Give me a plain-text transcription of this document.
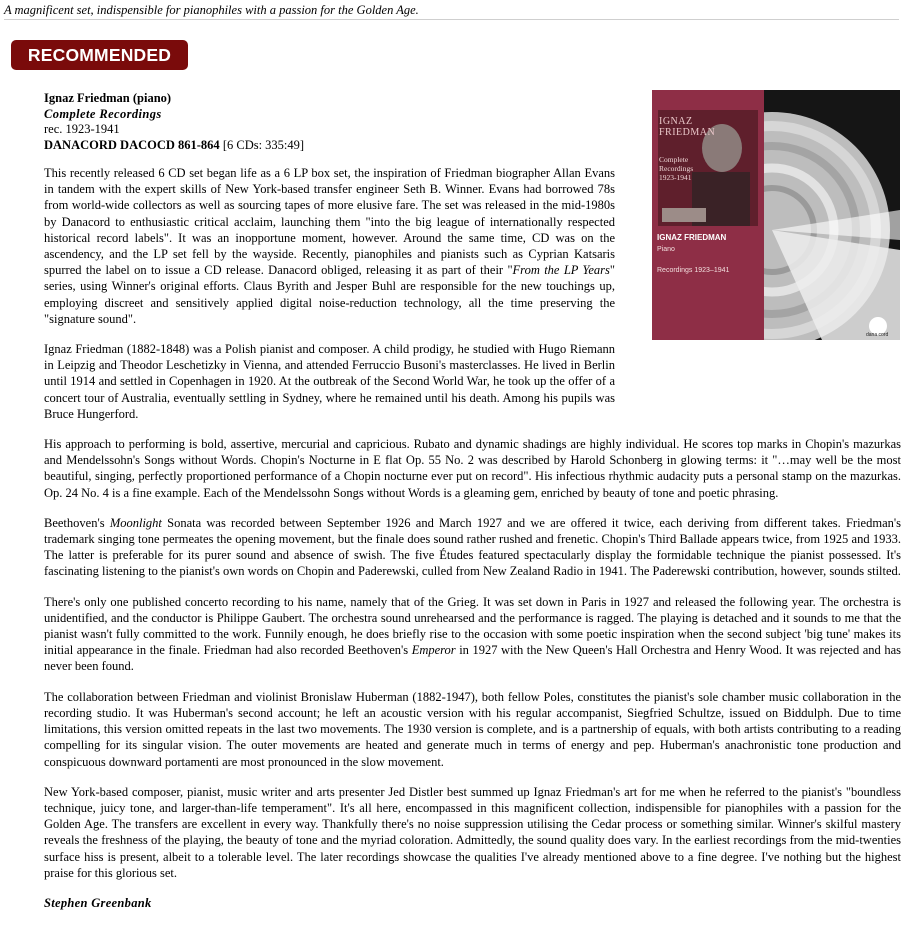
A magnificent set, indispensible for pianophiles with a passion for the Golden Age.
RECOMMENDED
Ignaz Friedman (piano)
Complete Recordings
rec. 1923-1941
DANACORD DACOCD 861-864 [6 CDs: 335:49]
IGNAZ
FRIEDMAN
Complete
Recordings
1923-1941
IGNAZ FRIEDMAN
Piano
Recordings 1923–1941
dana cord

This recently released 6 CD set began life as a 6 LP box set, the inspiration of Friedman biographer Allan Evans in tandem with the expert skills of New York-based transfer engineer Seth B. Winner. Evans had borrowed 78s from world-wide collectors as well as sourcing tapes of more elusive fare. The set was released in the mid-1980s by Danacord to enthusiastic critical acclaim, launching them "into the big league of internationally respected historical record labels". It was an inopportune moment, however. Around the same time, CD was on the ascendency, and the LP set fell by the wayside. Recently, pianophiles and pianists such as Cyprian Katsaris spurred the label on to issue a CD release. Danacord obliged, releasing it as part of their "From the LP Years" series, using Winner's original efforts. Claus Byrith and Jesper Buhl are responsible for the new touchings up, employing discreet and sensitively applied digital noise-reduction technology, all the time preserving the "signature sound".

Ignaz Friedman (1882-1848) was a Polish pianist and composer. A child prodigy, he studied with Hugo Riemann in Leipzig and Theodor Leschetizky in Vienna, and attended Ferruccio Busoni's masterclasses. He lived in Berlin until 1914 and settled in Copenhagen in 1920. At the outbreak of the Second World War, he took up the offer of a concert tour of Australia, eventually settling in Sydney, where he remained until his death. Among his pupils was Bruce Hungerford.

His approach to performing is bold, assertive, mercurial and capricious. Rubato and dynamic shadings are highly individual. He scores top marks in Chopin's mazurkas and Mendelssohn's Songs without Words. Chopin's Nocturne in E flat Op. 55 No. 2 was described by Harold Schonberg in glowing terms: it "…may well be the most beautiful, singing, perfectly proportioned performance of a Chopin nocturne ever put on record". His infectious rhythmic audacity puts a personal stamp on the mazurkas. Op. 24 No. 4 is a fine example. Each of the Mendelssohn Songs without Words is a gleaming gem, enriched by beauty of tone and poetic phrasing.

Beethoven's Moonlight Sonata was recorded between September 1926 and March 1927 and we are offered it twice, each deriving from different takes. Friedman's trademark singing tone permeates the opening movement, but the finale does sound rather rushed and frenetic. Chopin's Third Ballade appears twice, from 1925 and 1933. The latter is preferable for its purer sound and absence of swish. The five Études featured spectacularly display the formidable technique the pianist possessed. It's fascinating listening to the pianist's own words on Chopin and Paderewski, culled from New Zealand Radio in 1941. The Paderewski contribution, however, sounds stilted.

There's only one published concerto recording to his name, namely that of the Grieg. It was set down in Paris in 1927 and released the following year. The orchestra is unidentified, and the conductor is Philippe Gaubert. The orchestra sound unrehearsed and the performance is ragged. The playing is detached and it sounds to me that the pianist wasn't fully committed to the work. Funnily enough, he does briefly rise to the occasion with some poetic inspiration when the second subject 'big tune' makes its initial appearance in the finale. Friedman had also recorded Beethoven's Emperor in 1927 with the New Queen's Hall Orchestra and Henry Wood. It was rejected and has never been found.

The collaboration between Friedman and violinist Bronislaw Huberman (1882-1947), both fellow Poles, constitutes the pianist's sole chamber music collaboration in the recording studio. It was Huberman's second account; he left an acoustic version with his regular accompanist, Siegfried Schultze, issued on Biddulph. Due to time limitations, this version omitted repeats in the last two movements. The 1930 version is complete, and is a partnership of equals, with both artists contributing to a reading compelling for its singular vision. The outer movements are heated and generate much in terms of energy and pep. Huberman's anachronistic tone production and conspicuous downward portamenti are most pronounced in the slow movement.

New York-based composer, pianist, music writer and arts presenter Jed Distler best summed up Ignaz Friedman's art for me when he referred to the pianist's "boundless technique, juicy tone, and larger-than-life temperament". It's all here, encompassed in this magnificent collection, indispensible for pianophiles with a passion for the Golden Age. The transfers are excellent in every way. Thankfully there's no noise suppression utilising the Cedar process or something similar. Winner's skilful mastery reveals the freshness of the playing, the beauty of tone and the myriad coloration. Admittedly, the sound quality does vary. In the earliest recordings from the mid-twenties surface hiss is present, albeit to a tolerable level. The later recordings showcase the qualities I've already mentioned above to a fine degree. I've nothing but the highest praise for this glorious set.

Stephen Greenbank
